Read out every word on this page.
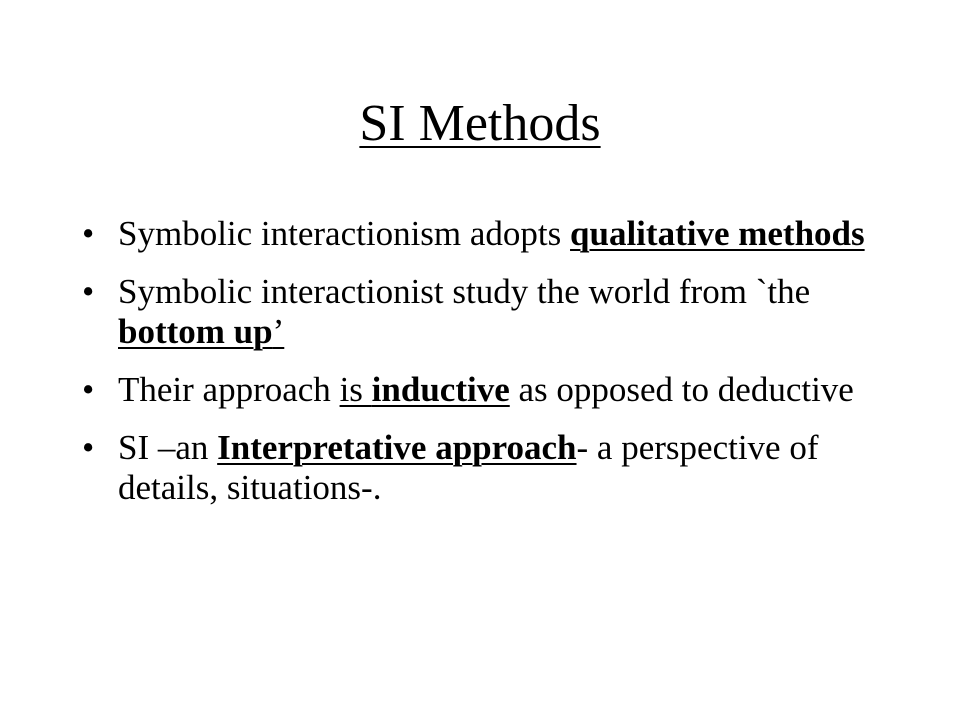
SI Methods
• Symbolic interactionism adopts qualitative methods
• Symbolic interactionist study the world from `the bottom up’
• Their approach is inductive as opposed to deductive
• SI –an Interpretative approach- a perspective of details, situations-.
